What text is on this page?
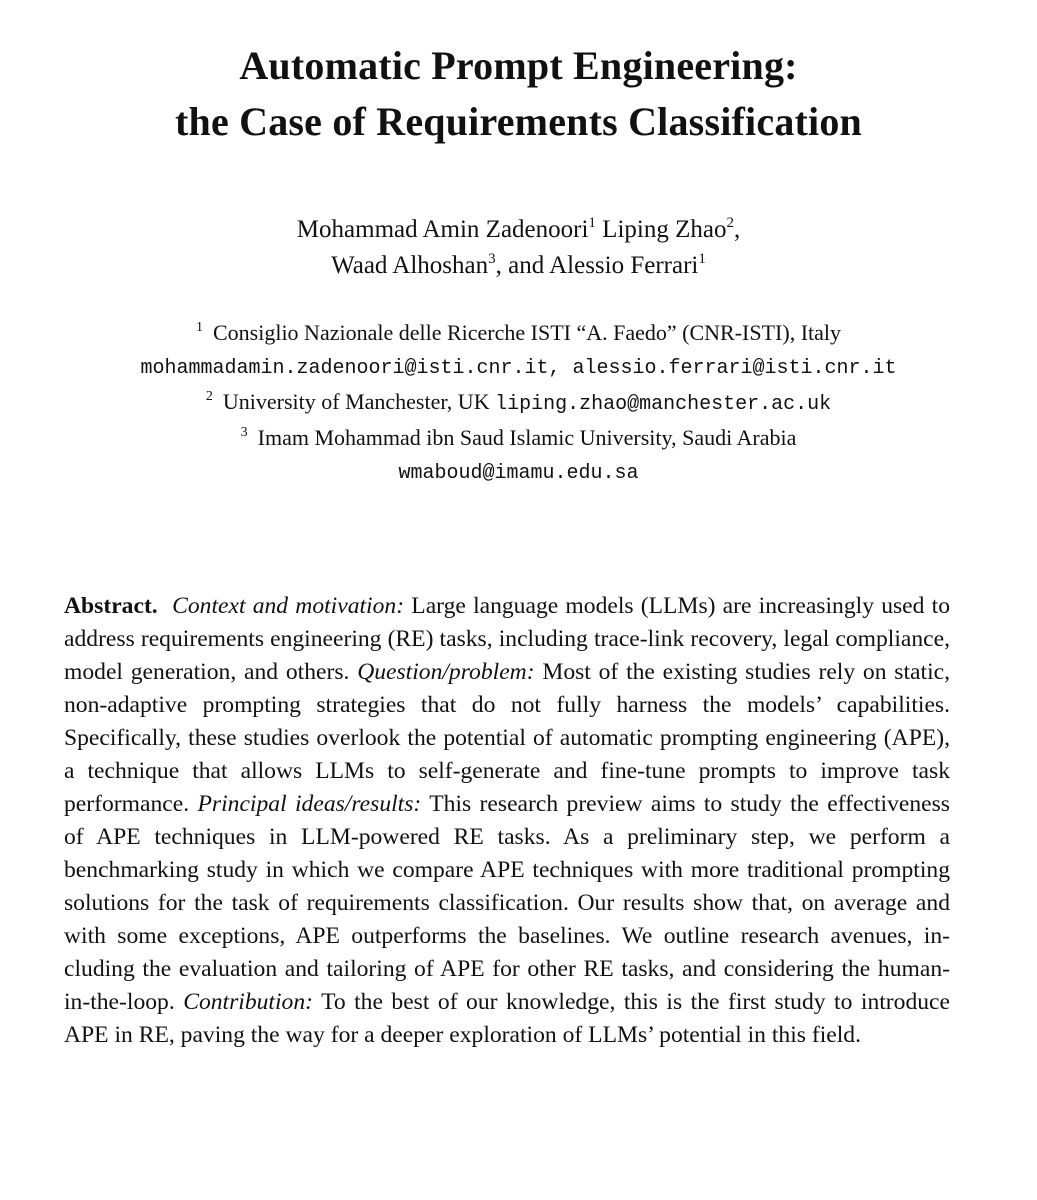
Automatic Prompt Engineering:
the Case of Requirements Classification
Mohammad Amin Zadenoori$^1$ Liping Zhao$^2$,
Waad Alhoshan$^3$, and Alessio Ferrari$^1$
$^1$ Consiglio Nazionale delle Ricerche ISTI “A. Faedo” (CNR-ISTI), Italy
mohammadamin.zadenoori@isti.cnr.it, alessio.ferrari@isti.cnr.it
$^2$ University of Manchester, UK liping.zhao@manchester.ac.uk
$^3$ Imam Mohammad ibn Saud Islamic University, Saudi Arabia
wmaboud@imamu.edu.sa

Abstract. Context and motivation: Large language models (LLMs) are increasingly used to address requirements engineering (RE) tasks, including trace-link recovery, legal compliance, model generation, and others. Question/problem: Most of the existing studies rely on static, non-adaptive prompting strategies that do not fully harness the models’ capabilities. Specifically, these studies overlook the potential of automatic prompting engineering (APE), a technique that allows LLMs to self-generate and fine-tune prompts to improve task performance. Principal ideas/results: This research preview aims to study the effectiveness of APE techniques in LLM-powered RE tasks. As a preliminary step, we perform a benchmarking study in which we compare APE techniques with more traditional prompting solutions for the task of requirements classification. Our results show that, on average and with some exceptions, APE outperforms the baselines. We outline research avenues, including the evaluation and tailoring of APE for other RE tasks, and considering the human-in-the-loop. Contribution: To the best of our knowledge, this is the first study to introduce APE in RE, paving the way for a deeper exploration of LLMs’ potential in this field.
